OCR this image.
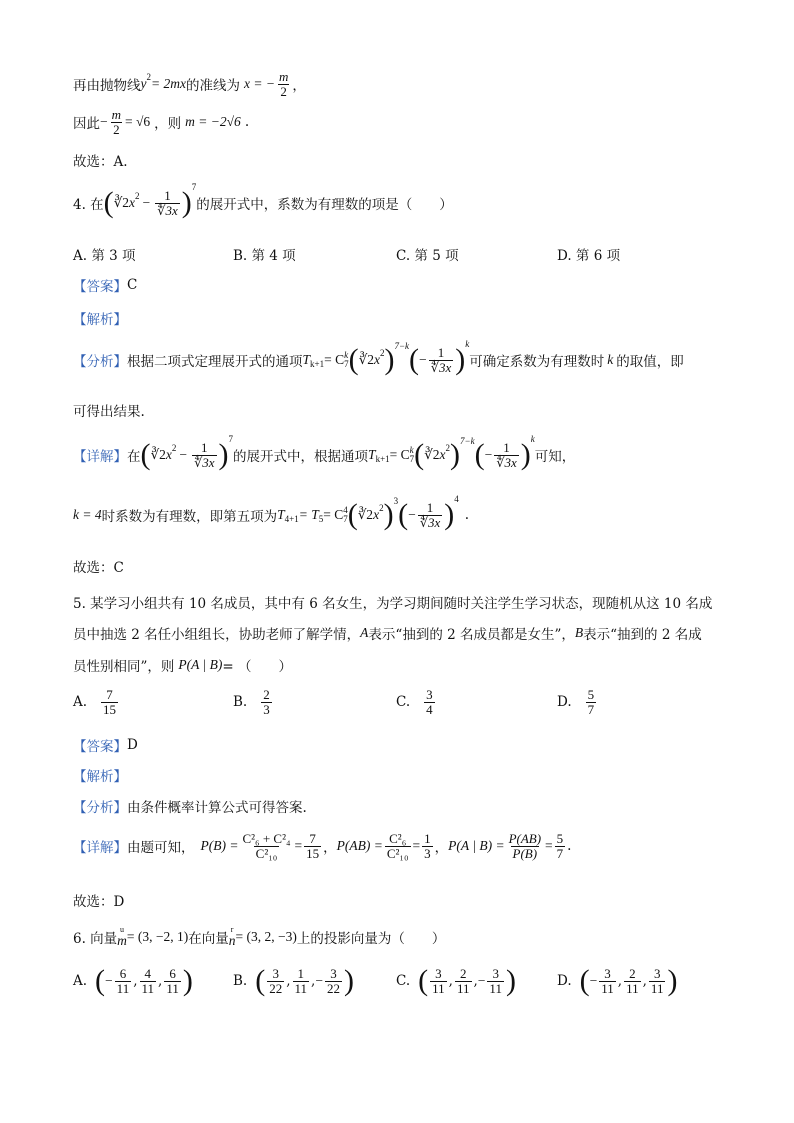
再由抛物线 y 2 = 2mx 的准线为 x = − $\frac{m}{2}$ ，
因此 − $\frac{m}{2} = √6$ ，则 m = −2√6 .
故选：A.
4. 在 ( ∛2 x $2 - \frac{1}{∜3x}$ ) 7
的展开式中，系数为有理数的项是（　　）
A. 第 3 项	B. 第 4 项	C. 第 5 项	D. 第 6 项
【答案】 C
【解析】
【分析】 根据二项式定理展开式的通项 T k+1 = C k
7 ( ∛2 x 2 ) 7−k ( − $\frac{1}{∜3x}$ ) k
可确定系数为有理数时 k 的取值，即
可得出结果.
【详解】 在 ( ∛2 x $2 - \frac{1}{∜3x}$ ) 7
的展开式中，根据通项 T k+1 = C k
7 ( ∛2 x 2 ) 7−k ( − $\frac{1}{∜3x}$ ) k
可知，
k = 4 时系数为有理数，即第五项为 T 4+1 = T 5 = C 4
7 ( ∛2 x 2 ) 3 ( − $\frac{1}{∜3x}$ ) 4
.
故选：C
5. 某学习小组共有 10 名成员，其中有 6 名女生，为学习期间随时关注学生学习状态，现随机从这 10 名成
员中抽选 2 名任小组组长，协助老师了解学情， A 表示“抽到的 2 名成员都是女生”， B 表示“抽到的 2 名成
员性别相同”，则 P(A | B) = （　　）
A. $\frac{7}{15}$	B. $\frac{2}{3}$	C. $\frac{3}{4}$	D. $\frac{5}{7}$
【答案】 D
【解析】
【分析】 由条件概率计算公式可得答案.
【详解】 由题可知， $P(B) = \frac{\text{C²₆ + C²₄}}{\text{C²₁₀}} = \frac{7}{15}$ ， $P(AB) = \frac{\text{C²₆}}{\text{C²₁₀}} = \frac{1}{3}$ ， P(A | $B) = \frac{P(AB)}{P(B)} = \frac{5}{7}$ .
故选：D
6. 向量
u
m = (3, −2, 1) 在向量
r
n = (3, 2, −3) 上的投影向量为（　　）
A. ( − $\frac{6}{11}$ , $\frac{4}{11}$ , $\frac{6}{11}$ )	B. ( $\frac{3}{22}$ , $\frac{1}{11}$ , − $\frac{3}{22}$ )	C. ( $\frac{3}{11}$ , $\frac{2}{11}$ , − $\frac{3}{11}$ )	D. ( − $\frac{3}{11}$ , $\frac{2}{11}$ , $\frac{3}{11}$ )
